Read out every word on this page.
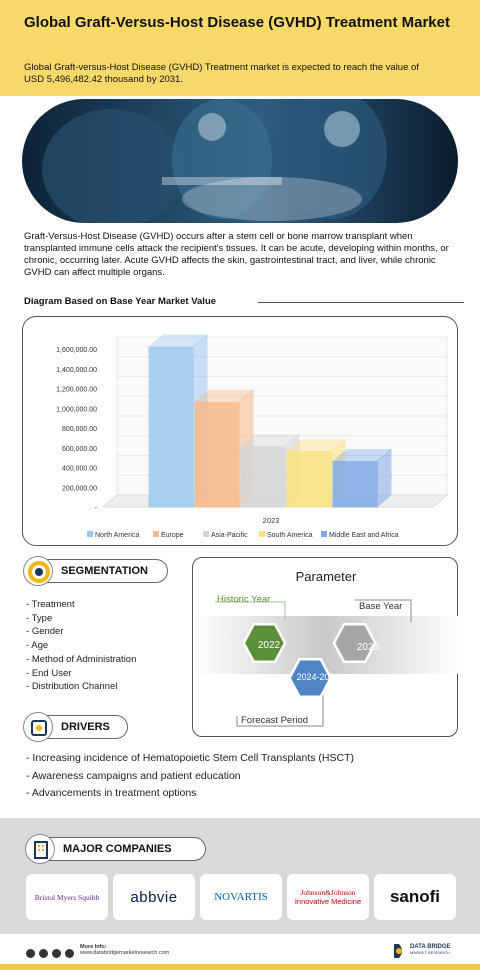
Global Graft-Versus-Host Disease (GVHD) Treatment Market

Global Graft-versus-Host Disease (GVHD) Treatment market is expected to reach the value of USD 5,496,482.42 thousand by 2031.

Graft-Versus-Host Disease (GVHD) occurs after a stem cell or bone marrow transplant when transplanted immune cells attack the recipient's tissues. It can be acute, developing within months, or chronic, occurring later. Acute GVHD affects the skin, gastrointestinal tract, and liver, while chronic GVHD can affect multiple organs.

Diagram Based on Base Year Market Value
-
200,000.00
400,000.00
600,000.00
800,000.00
1,000,000.00
1,200,000.00
1,400,000.00
1,600,000.00
2023
North America	Europe	Asia-Pacific	South America Middle East and Africa
SEGMENTATION
- Treatment
- Type
- Gender
- Age
- Method of Administration
- End User
- Distribution Channel
Parameter
Historic Year
Base Year
Forecast Period
2022	2023
2024-2031
DRIVERS
- Increasing incidence of Hematopoietic Stem Cell Transplants (HSCT)
- Awareness campaigns and patient education
- Advancements in treatment options
MAJOR COMPANIES
Bristol Myers Squibb abbvie	NOVARTIS	Johnson&Johnson
Innovative Medicine sanofi
More Info:
www.databridgemarketresearch.com
DATA BRIDGE
MARKET RESEARCH
